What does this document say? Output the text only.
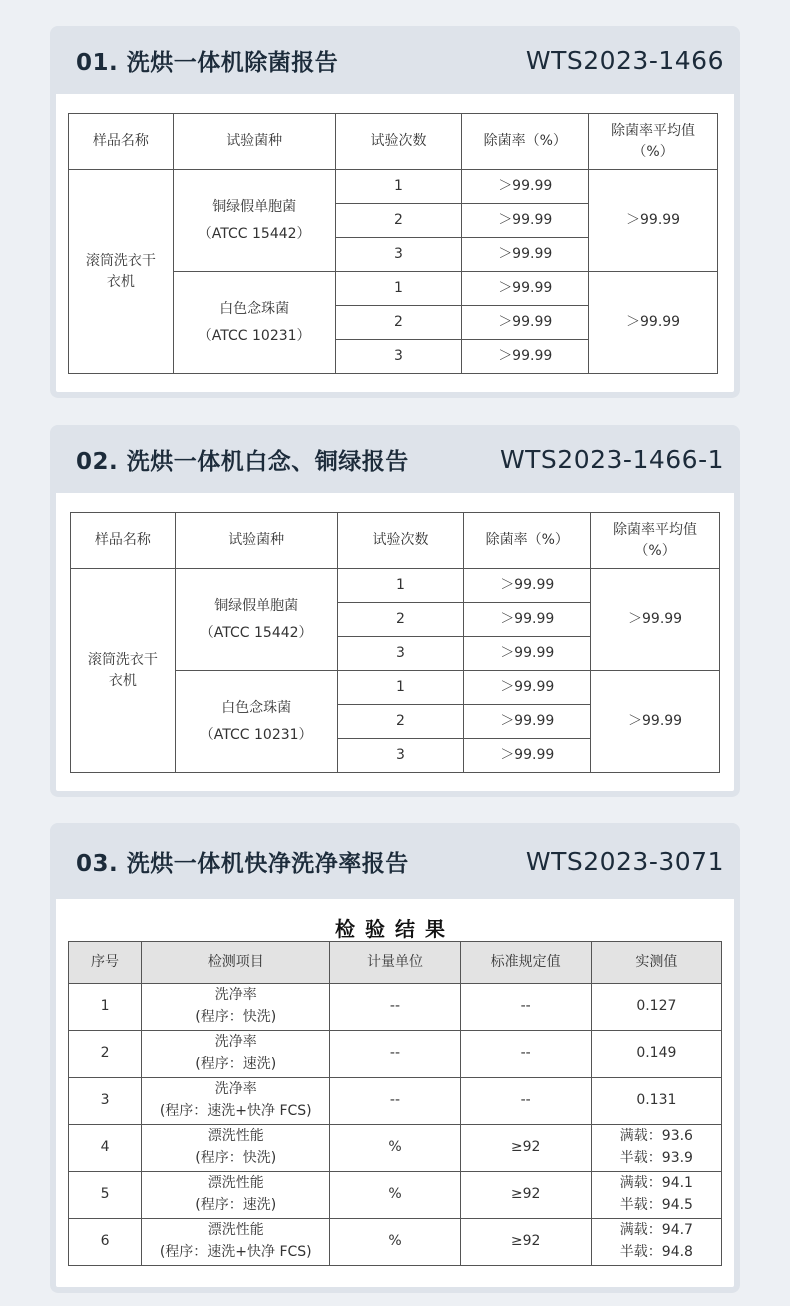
01. 洗烘一体机除菌报告	WTS2023-1466
样品名称	试验菌种	试验次数	除菌率（%）	除菌率平均值
（%）
滚筒洗衣干
衣机	铜绿假单胞菌
（ATCC 15442）	1	＞99.99	＞99.99
		2	＞99.99	
		3	＞99.99	
	白色念珠菌
（ATCC 10231）	1	＞99.99	＞99.99
		2	＞99.99	
		3	＞99.99	
02. 洗烘一体机白念、铜绿报告	WTS2023-1466-1
样品名称	试验菌种	试验次数	除菌率（%）	除菌率平均值
（%）
滚筒洗衣干
衣机	铜绿假单胞菌
（ATCC 15442）	1	＞99.99	＞99.99
		2	＞99.99	
		3	＞99.99	
	白色念珠菌
（ATCC 10231）	1	＞99.99	＞99.99
		2	＞99.99	
		3	＞99.99	
03. 洗烘一体机快净洗净率报告	WTS2023-3071
检验结果
序号	检测项目	计量单位	标准规定值	实测值
1	洗净率
(程序：快洗)	--	--	0.127
2	洗净率
(程序：速洗)	--	--	0.149
3	洗净率
(程序：速洗+快净 FCS)	--	--	0.131
4	漂洗性能
(程序：快洗)	%	≥92	满载：93.6
半载：93.9
5	漂洗性能
(程序：速洗)	%	≥92	满载：94.1
半载：94.5
6	漂洗性能
(程序：速洗+快净 FCS)	%	≥92	满载：94.7
半载：94.8
